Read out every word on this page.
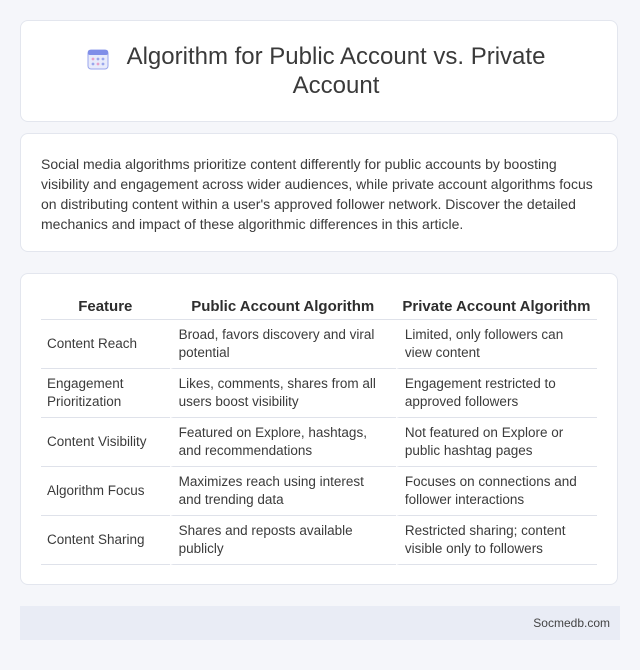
Algorithm for Public Account vs. Private Account

Social media algorithms prioritize content differently for public accounts by boosting visibility and engagement across wider audiences, while private account algorithms focus on distributing content within a user's approved follower network. Discover the detailed mechanics and impact of these algorithmic differences in this article.

Feature	Public Account Algorithm	Private Account Algorithm
Content Reach	Broad, favors discovery and viral potential	Limited, only followers can view content
Engagement Prioritization	Likes, comments, shares from all users boost visibility	Engagement restricted to approved followers
Content Visibility	Featured on Explore, hashtags, and recommendations	Not featured on Explore or public hashtag pages
Algorithm Focus	Maximizes reach using interest and trending data	Focuses on connections and follower interactions
Content Sharing	Shares and reposts available publicly	Restricted sharing; content visible only to followers
Socmedb.com
